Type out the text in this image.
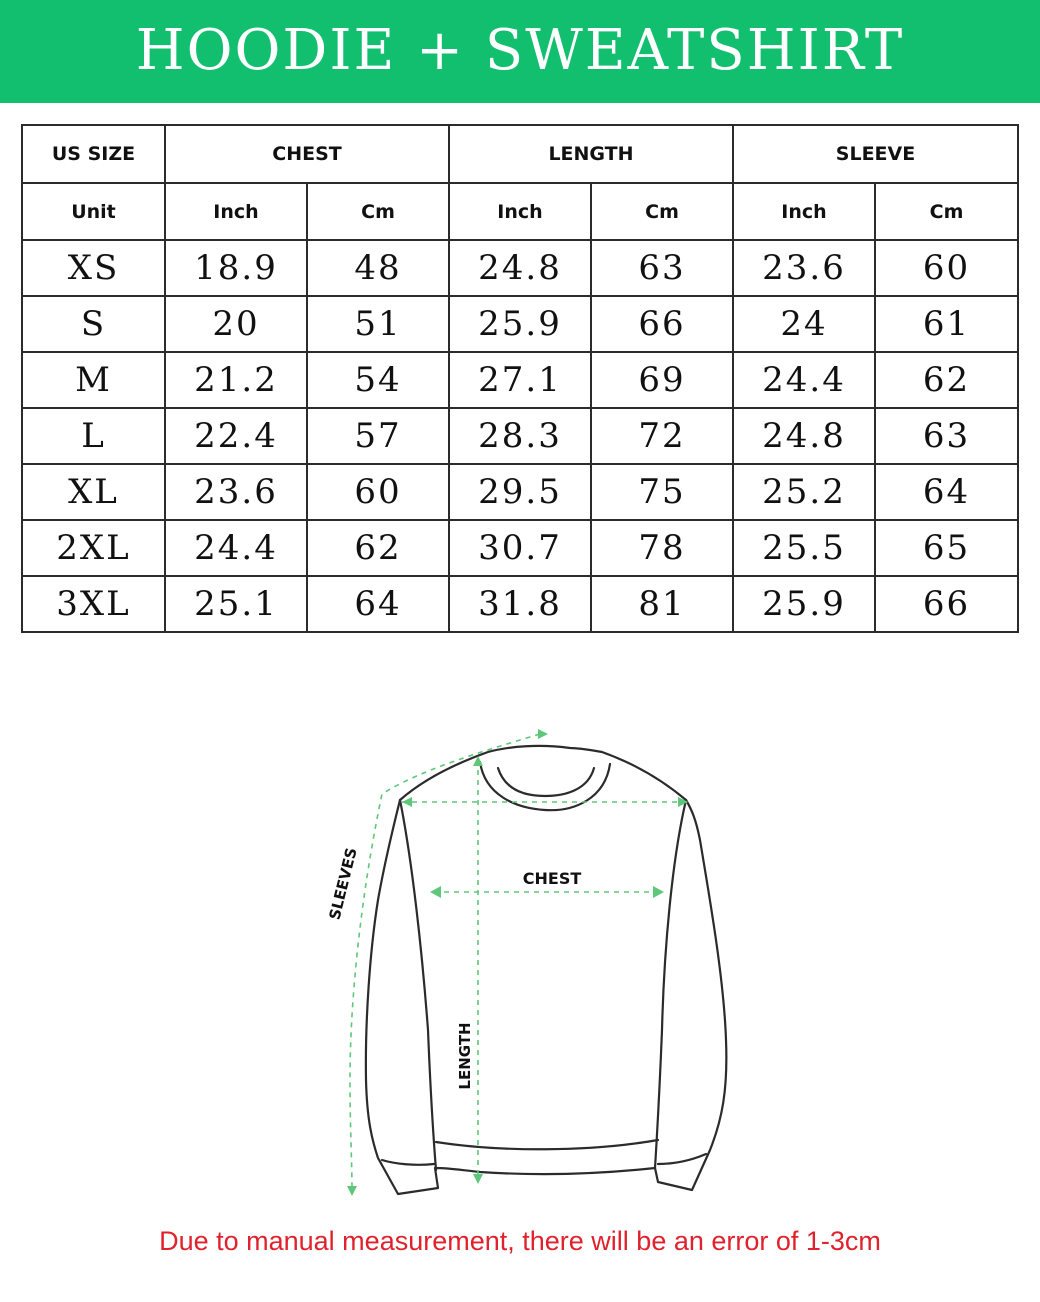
HOODIE + SWEATSHIRT
US SIZE	CHEST		LENGTH		SLEEVE	
Unit	Inch	Cm	Inch	Cm	Inch	Cm
XS	18.9	48	24.8	63	23.6	60
S	20	51	25.9	66	24	61
M	21.2	54	27.1	69	24.4	62
L	22.4	57	28.3	72	24.8	63
XL	23.6	60	29.5	75	25.2	64
2XL	24.4	62	30.7	78	25.5	65
3XL	25.1	64	31.8	81	25.9	66
CHEST
LENGTH
SLEEVES
Due to manual measurement, there will be an error of 1-3cm
